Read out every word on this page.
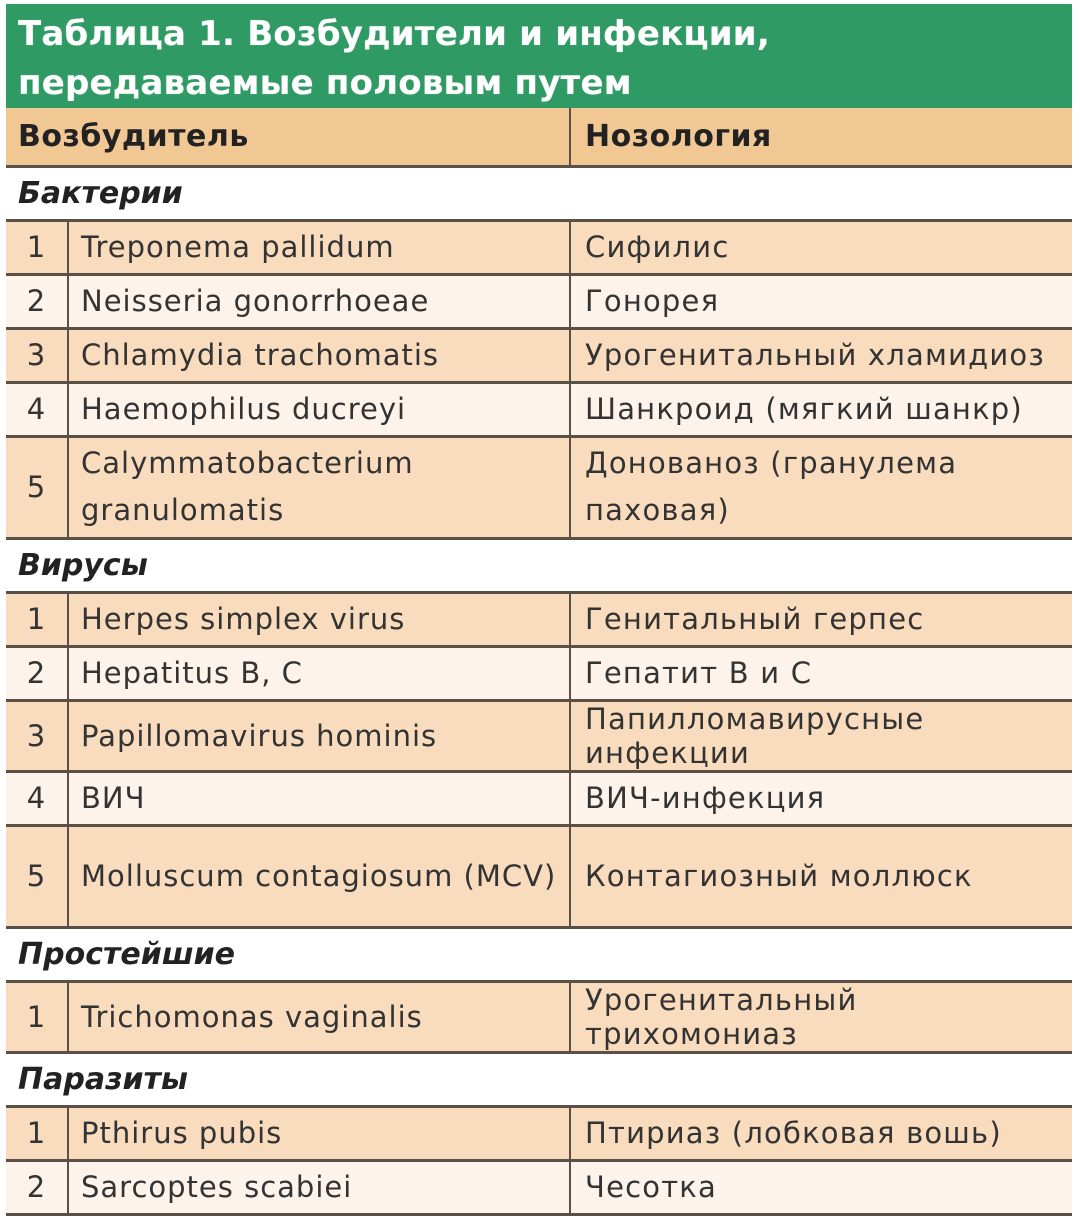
Таблица 1. Возбудители и инфекции, передаваемые половым путем
Возбудитель		Нозология
Бактерии		
1	Treponema pallidum	Сифилис
2	Neisseria gonorrhoeae	Гонорея
3	Chlamydia trachomatis	Урогенитальный хламидиоз
4	Haemophilus ducreyi	Шанкроид (мягкий шанкр)
5	Calymmatobacterium granulomatis	Донованоз (гранулема паховая)
Вирусы		
1	Herpes simplex virus	Генитальный герпес
2	Hepatitus B, C	Гепатит В и С
3	Papillomavirus hominis	Папилломавирусные инфекции
4	ВИЧ	ВИЧ-инфекция
5	Molluscum contagiosum (MCV)	Контагиозный моллюск
Простейшие		
1	Trichomonas vaginalis	Урогенитальный трихомониаз
Паразиты		
1	Pthirus pubis	Птириаз (лобковая вошь)
2	Sarcoptes scabiei	Чесотка
